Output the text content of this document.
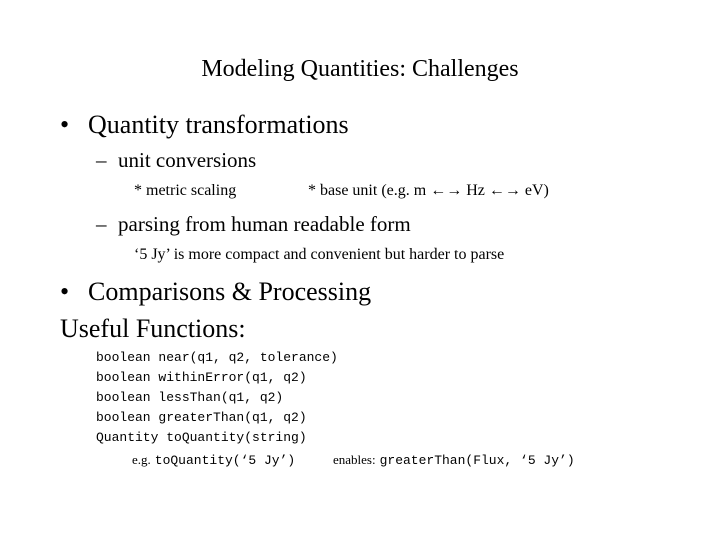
Modeling Quantities: Challenges
• Quantity transformations
– unit conversions
* metric scaling	* base unit (e.g. m ←→ Hz ←→ eV)
– parsing from human readable form
‘5 Jy’ is more compact and convenient but harder to parse
• Comparisons & Processing
Useful Functions:
boolean near(q1, q2, tolerance)
boolean withinError(q1, q2)
boolean lessThan(q1, q2)
boolean greaterThan(q1, q2)
Quantity toQuantity(string)
e.g. toQuantity(‘5 Jy’)	enables: greaterThan(Flux, ‘5 Jy’)
